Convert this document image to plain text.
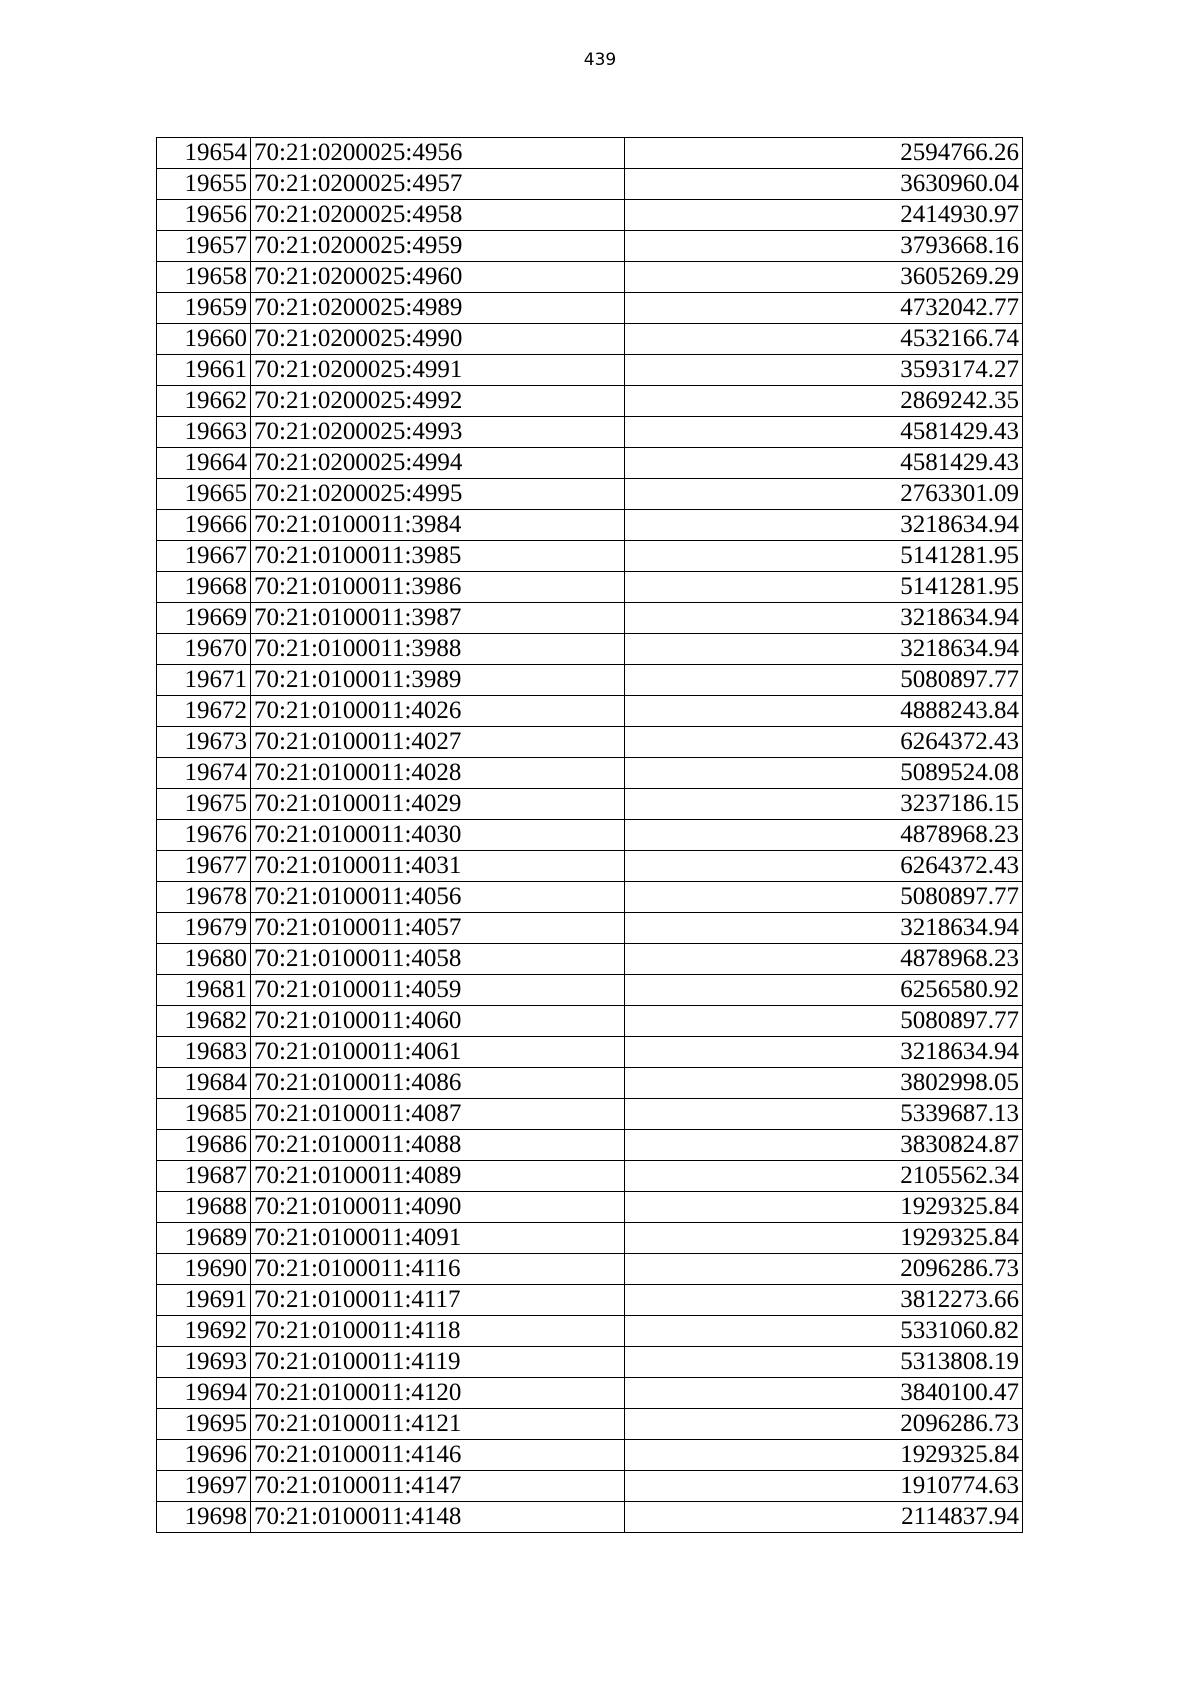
439
19654	70:21:0200025:4956	2594766.26
19655	70:21:0200025:4957	3630960.04
19656	70:21:0200025:4958	2414930.97
19657	70:21:0200025:4959	3793668.16
19658	70:21:0200025:4960	3605269.29
19659	70:21:0200025:4989	4732042.77
19660	70:21:0200025:4990	4532166.74
19661	70:21:0200025:4991	3593174.27
19662	70:21:0200025:4992	2869242.35
19663	70:21:0200025:4993	4581429.43
19664	70:21:0200025:4994	4581429.43
19665	70:21:0200025:4995	2763301.09
19666	70:21:0100011:3984	3218634.94
19667	70:21:0100011:3985	5141281.95
19668	70:21:0100011:3986	5141281.95
19669	70:21:0100011:3987	3218634.94
19670	70:21:0100011:3988	3218634.94
19671	70:21:0100011:3989	5080897.77
19672	70:21:0100011:4026	4888243.84
19673	70:21:0100011:4027	6264372.43
19674	70:21:0100011:4028	5089524.08
19675	70:21:0100011:4029	3237186.15
19676	70:21:0100011:4030	4878968.23
19677	70:21:0100011:4031	6264372.43
19678	70:21:0100011:4056	5080897.77
19679	70:21:0100011:4057	3218634.94
19680	70:21:0100011:4058	4878968.23
19681	70:21:0100011:4059	6256580.92
19682	70:21:0100011:4060	5080897.77
19683	70:21:0100011:4061	3218634.94
19684	70:21:0100011:4086	3802998.05
19685	70:21:0100011:4087	5339687.13
19686	70:21:0100011:4088	3830824.87
19687	70:21:0100011:4089	2105562.34
19688	70:21:0100011:4090	1929325.84
19689	70:21:0100011:4091	1929325.84
19690	70:21:0100011:4116	2096286.73
19691	70:21:0100011:4117	3812273.66
19692	70:21:0100011:4118	5331060.82
19693	70:21:0100011:4119	5313808.19
19694	70:21:0100011:4120	3840100.47
19695	70:21:0100011:4121	2096286.73
19696	70:21:0100011:4146	1929325.84
19697	70:21:0100011:4147	1910774.63
19698	70:21:0100011:4148	2114837.94
